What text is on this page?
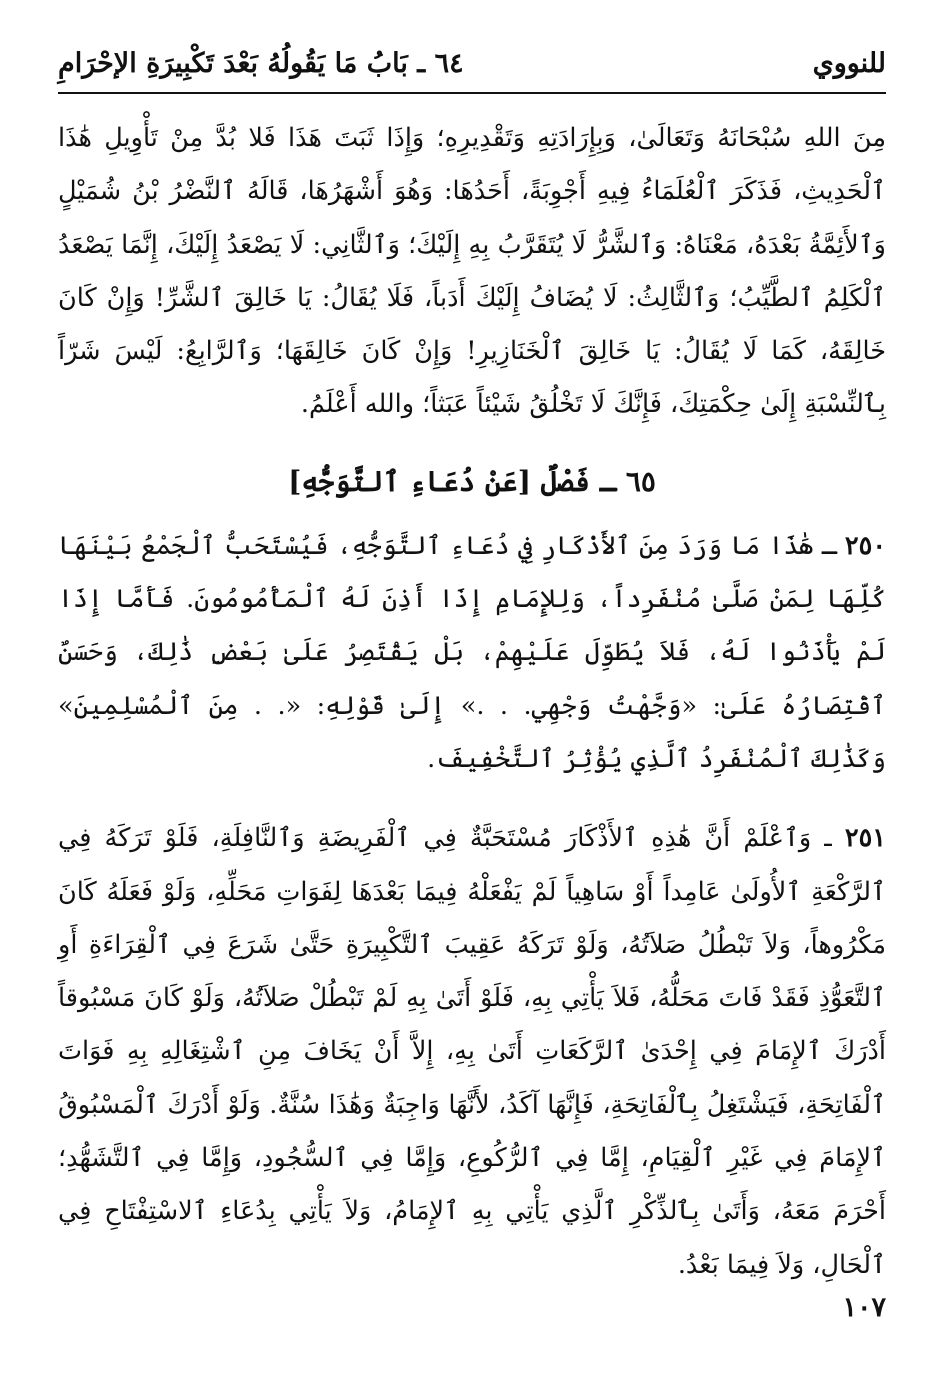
للنووي
٦٤ ـ بَابُ مَا يَقُولُهُ بَعْدَ تَكْبِيرَةِ الإحْرَامِ

مِنَ اللهِ سُبْحَانَهُ وَتَعَالَىٰ، وَبِإِرَادَتِهِ وَتَقْدِيرِهِ؛ وَإِذَا ثَبَتَ هَذَا فَلا بُدَّ مِنْ تَأْوِيلِ هَٰذَا ٱلْحَدِيثِ، فَذَكَرَ ٱلْعُلَمَاءُ فِيهِ أَجْوِبَةً، أَحَدُهَا: وَهُوَ أَشْهَرُهَا، قَالَهُ ٱلنَّضْرُ بْنُ شُمَيْلٍ وَٱلأَئِمَّةُ بَعْدَهُ، مَعْنَاهُ: وَٱلشَّرُّ لَا يُتَقَرَّبُ بِهِ إِلَيْكَ؛ وَٱلثَّانِي: لَا يَصْعَدُ إِلَيْكَ، إِنَّمَا يَصْعَدُ ٱلْكَلِمُ ٱلطَّيِّبُ؛ وَٱلثَّالِثُ: لَا يُضَافُ إِلَيْكَ أَدَباً، فَلَا يُقَالُ: يَا خَالِقَ ٱلشَّرِّ! وَإِنْ كَانَ خَالِقَهُ، كَمَا لَا يُقَالُ: يَا خَالِقَ ٱلْخَنَازِيرِ! وَإِنْ كَانَ خَالِقَهَا؛ وَٱلرَّابِعُ: لَيْسَ شَرّاً بِٱلنِّسْبَةِ إِلَىٰ حِكْمَتِكَ، فَإِنَّكَ لَا تَخْلُقُ شَيْئاً عَبَثاً؛ والله أَعْلَمُ.

٦٥ ـ فَصْلٌ [عَنْ دُعَاءِ ٱلتَّوَجُّهِ]

٢٥٠ ـ هَٰذَا مَا وَرَدَ مِنَ ٱلأَذْكَارِ فِي دُعَاءِ ٱلتَّوَجُّهِ، فَيُسْتَحَبُّ ٱلْجَمْعُ بَيْنَهَا كُلِّهَا لِمَنْ صَلَّىٰ مُنْفَرِداً، وَلِلإِمَامِ إِذَا أَذِنَ لَهُ ٱلْمَأْمُومُونَ. فَأَمَّا إِذَا لَمْ يَأْذَنُوا لَهُ، فَلاَ يُطَوِّلَ عَلَيْهِمْ، بَلْ يَقْتَصِرُ عَلَىٰ بَعْضِ ذَٰلِكَ، وَحَسَنٌ ٱقْتِصَارُهُ عَلَىٰ: «وَجَّهْتُ وَجْهِي. . .» إِلَىٰ قَوْلِهِ: «. . مِنَ ٱلْمُسْلِمِينَ» وَكَذَٰلِكَ ٱلْمُنْفَرِدُ ٱلَّذِي يُؤْثِرُ ٱلتَّخْفِيفَ.

٢٥١ ـ وَٱعْلَمْ أَنَّ هَٰذِهِ ٱلأَذْكَارَ مُسْتَحَبَّةٌ فِي ٱلْفَرِيضَةِ وَٱلنَّافِلَةِ، فَلَوْ تَرَكَهُ فِي ٱلرَّكْعَةِ ٱلأُولَىٰ عَامِداً أَوْ سَاهِياً لَمْ يَفْعَلْهُ فِيمَا بَعْدَهَا لِفَوَاتِ مَحَلِّهِ، وَلَوْ فَعَلَهُ كَانَ مَكْرُوهاً، وَلاَ تَبْطُلُ صَلاَتُهُ، وَلَوْ تَرَكَهُ عَقِيبَ ٱلتَّكْبِيرَةِ حَتَّىٰ شَرَعَ فِي ٱلْقِرَاءَةِ أَوِ ٱلتَّعَوُّذِ فَقَدْ فَاتَ مَحَلُّهُ، فَلاَ يَأْتِي بِهِ، فَلَوْ أَتَىٰ بِهِ لَمْ تَبْطُلْ صَلاَتُهُ، وَلَوْ كَانَ مَسْبُوقاً أَدْرَكَ ٱلإِمَامَ فِي إِحْدَىٰ ٱلرَّكَعَاتِ أَتَىٰ بِهِ، إِلاَّ أَنْ يَخَافَ مِنِ ٱشْتِغَالِهِ بِهِ فَوَاتَ ٱلْفَاتِحَةِ، فَيَشْتَغِلُ بِٱلْفَاتِحَةِ، فَإِنَّهَا آكَدُ، لأَنَّهَا وَاجِبَةٌ وَهَٰذَا سُنَّةٌ. وَلَوْ أَدْرَكَ ٱلْمَسْبُوقُ ٱلإِمَامَ فِي غَيْرِ ٱلْقِيَامِ، إِمَّا فِي ٱلرُّكُوعِ، وَإِمَّا فِي ٱلسُّجُودِ، وَإِمَّا فِي ٱلتَّشَهُّدِ؛ أَحْرَمَ مَعَهُ، وَأَتَىٰ بِٱلذِّكْرِ ٱلَّذِي يَأْتِي بِهِ ٱلإِمَامُ، وَلاَ يَأْتِي بِدُعَاءِ ٱلاسْتِفْتَاحِ فِي ٱلْحَالِ، وَلاَ فِيمَا بَعْدُ.

١٠٧
